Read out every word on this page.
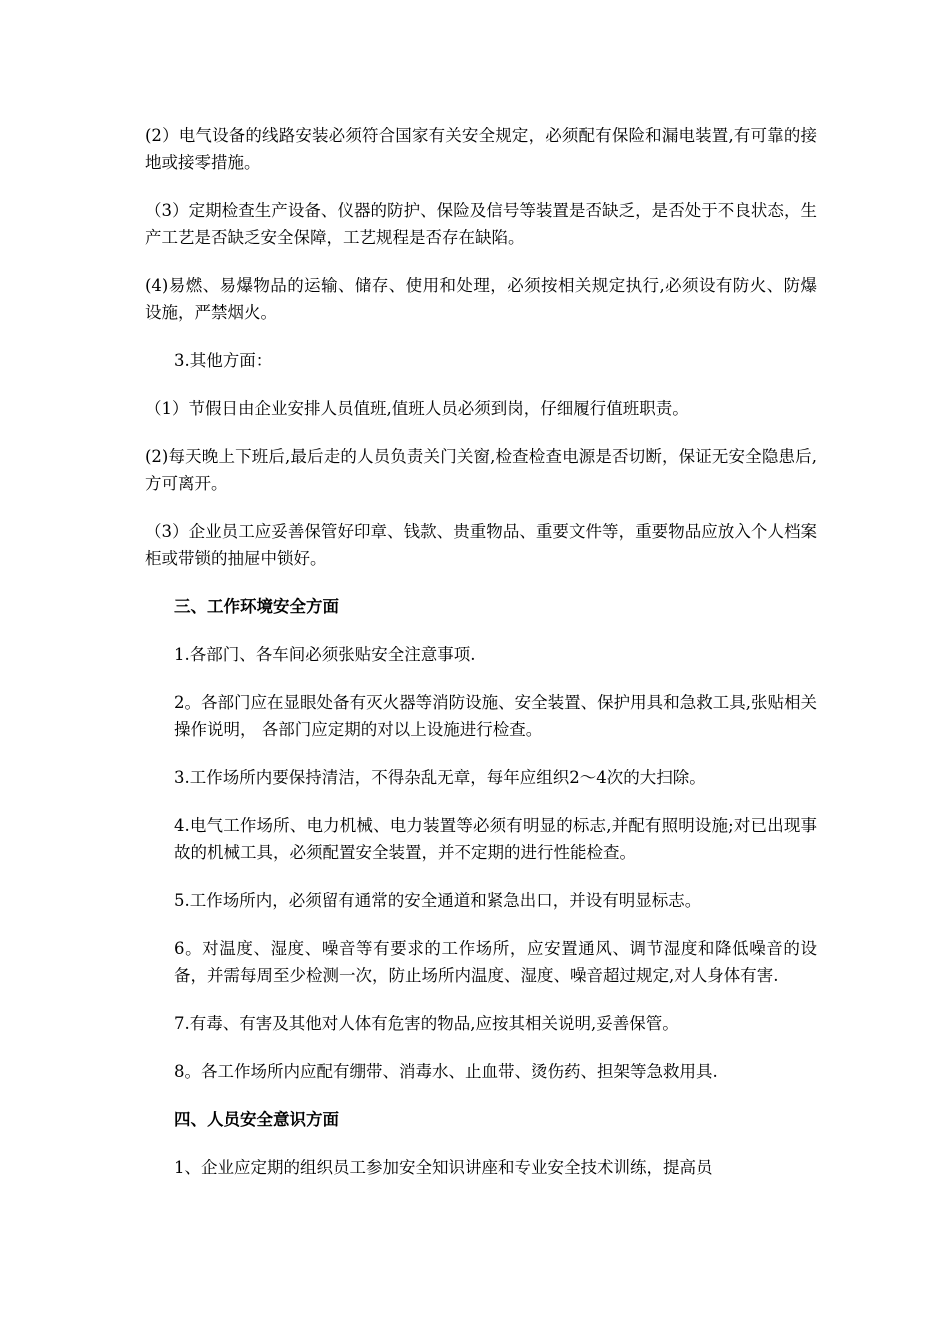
(2）电气设备的线路安装必须符合国家有关安全规定，必须配有保险和漏电装置,有可靠的接地或接零措施。

（3）定期检查生产设备、仪器的防护、保险及信号等装置是否缺乏，是否处于不良状态，生产工艺是否缺乏安全保障，工艺规程是否存在缺陷。

(4)易燃、易爆物品的运输、储存、使用和处理，必须按相关规定执行,必须设有防火、防爆设施，严禁烟火。

3.其他方面：

（1）节假日由企业安排人员值班,值班人员必须到岗，仔细履行值班职责。

(2)每天晚上下班后,最后走的人员负责关门关窗,检查检查电源是否切断，保证无安全隐患后,方可离开。

（3）企业员工应妥善保管好印章、钱款、贵重物品、重要文件等，重要物品应放入个人档案柜或带锁的抽屉中锁好。

三、工作环境安全方面

1.各部门、各车间必须张贴安全注意事项.

2。各部门应在显眼处备有灭火器等消防设施、安全装置、保护用具和急救工具,张贴相关操作说明， 各部门应定期的对以上设施进行检查。

3.工作场所内要保持清洁，不得杂乱无章，每年应组织2～4次的大扫除。

4.电气工作场所、电力机械、电力装置等必须有明显的标志,并配有照明设施;对已出现事故的机械工具，必须配置安全装置，并不定期的进行性能检查。

5.工作场所内，必须留有通常的安全通道和紧急出口，并设有明显标志。

6。对温度、湿度、噪音等有要求的工作场所，应安置通风、调节湿度和降低噪音的设备，并需每周至少检测一次，防止场所内温度、湿度、噪音超过规定,对人身体有害.

7.有毒、有害及其他对人体有危害的物品,应按其相关说明,妥善保管。

8。各工作场所内应配有绷带、消毒水、止血带、烫伤药、担架等急救用具.

四、人员安全意识方面

1、企业应定期的组织员工参加安全知识讲座和专业安全技术训练，提高员
